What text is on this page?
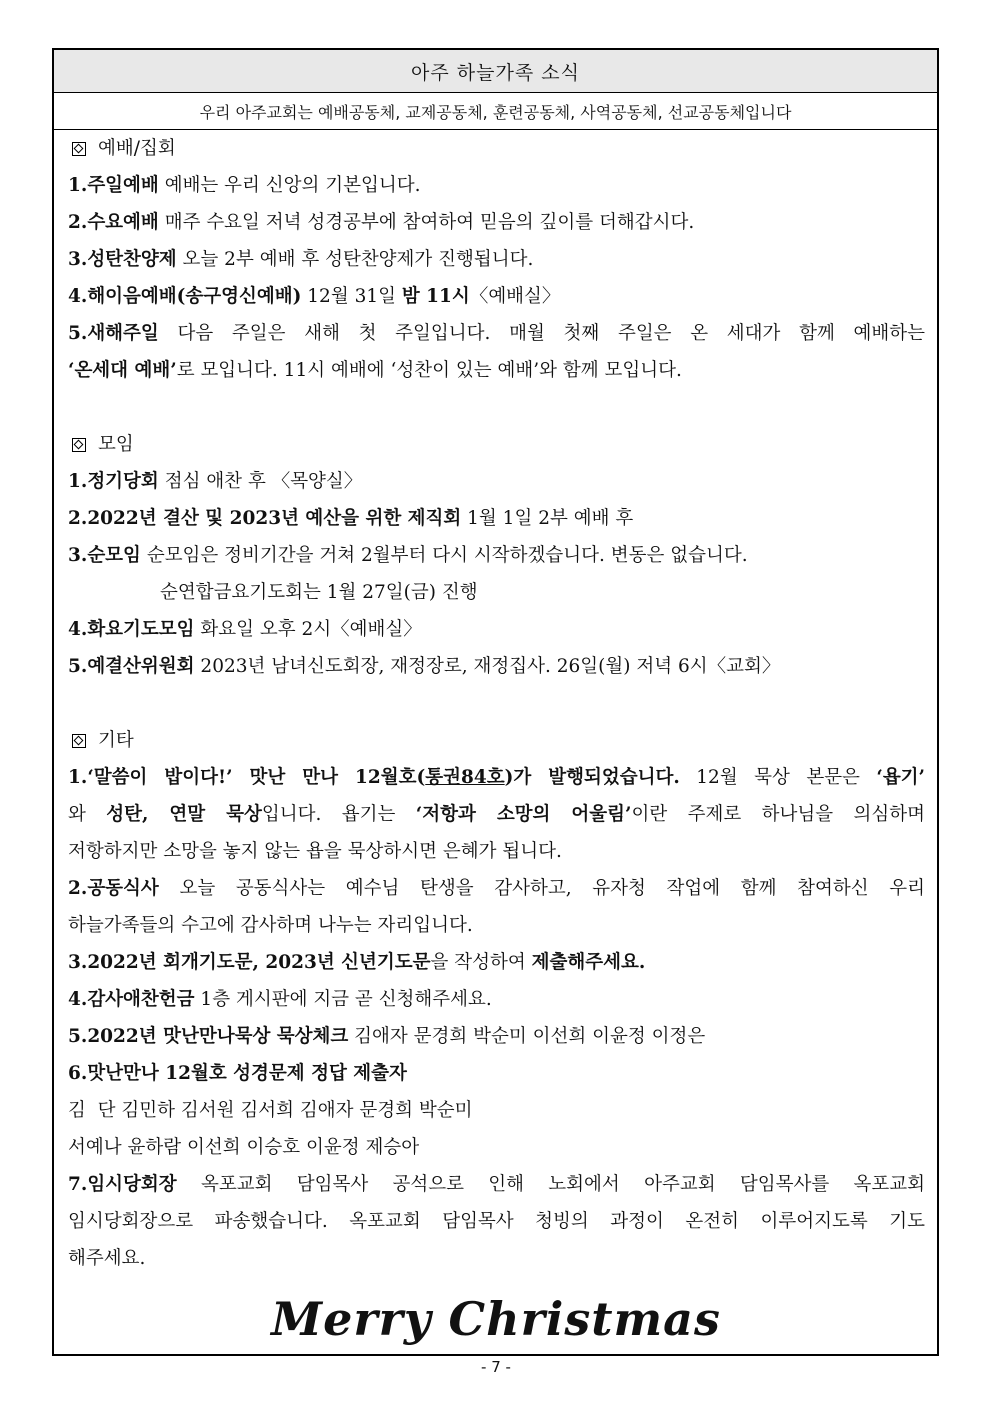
아주 하늘가족 소식
우리 아주교회는 예배공동체, 교제공동체, 훈련공동체, 사역공동체, 선교공동체입니다
예배/집회
1.주일예배 예배는 우리 신앙의 기본입니다.
2.수요예배 매주 수요일 저녁 성경공부에 참여하여 믿음의 깊이를 더해갑시다.
3.성탄찬양제 오늘 2부 예배 후 성탄찬양제가 진행됩니다.
4.해이음예배(송구영신예배) 12월 31일 밤 11시〈예배실〉
5.새해주일 다음 주일은 새해 첫 주일입니다. 매월 첫째 주일은 온 세대가 함께 예배하는
‘온세대 예배’로 모입니다. 11시 예배에 ‘성찬이 있는 예배’와 함께 모입니다.
모임
1.정기당회 점심 애찬 후 〈목양실〉
2.2022년 결산 및 2023년 예산을 위한 제직회 1월 1일 2부 예배 후
3.순모임 순모임은 정비기간을 거쳐 2월부터 다시 시작하겠습니다. 변동은 없습니다.
순연합금요기도회는 1월 27일(금) 진행
4.화요기도모임 화요일 오후 2시〈예배실〉
5.예결산위원회 2023년 남녀신도회장, 재정장로, 재정집사. 26일(월) 저녁 6시〈교회〉
기타
1.‘말씀이 밥이다!’ 맛난 만나 12월호(통권84호)가 발행되었습니다. 12월 묵상 본문은 ‘욥기’
와 성탄, 연말 묵상입니다. 욥기는 ‘저항과 소망의 어울림’이란 주제로 하나님을 의심하며
저항하지만 소망을 놓지 않는 욥을 묵상하시면 은혜가 됩니다.
2.공동식사 오늘 공동식사는 예수님 탄생을 감사하고, 유자청 작업에 함께 참여하신 우리
하늘가족들의 수고에 감사하며 나누는 자리입니다.
3.2022년 회개기도문, 2023년 신년기도문을 작성하여 제출해주세요.
4.감사애찬헌금 1층 게시판에 지금 곧 신청해주세요.
5.2022년 맛난만나묵상 묵상체크 김애자 문경희 박순미 이선희 이윤정 이정은
6.맛난만나 12월호 성경문제 정답 제출자
김  단 김민하 김서원 김서희 김애자 문경희 박순미
서예나 윤하람 이선희 이승호 이윤정 제승아
7.임시당회장 옥포교회 담임목사 공석으로 인해 노회에서 아주교회 담임목사를 옥포교회
임시당회장으로 파송했습니다. 옥포교회 담임목사 청빙의 과정이 온전히 이루어지도록 기도
해주세요.
Merry Christmas
- 7 -
